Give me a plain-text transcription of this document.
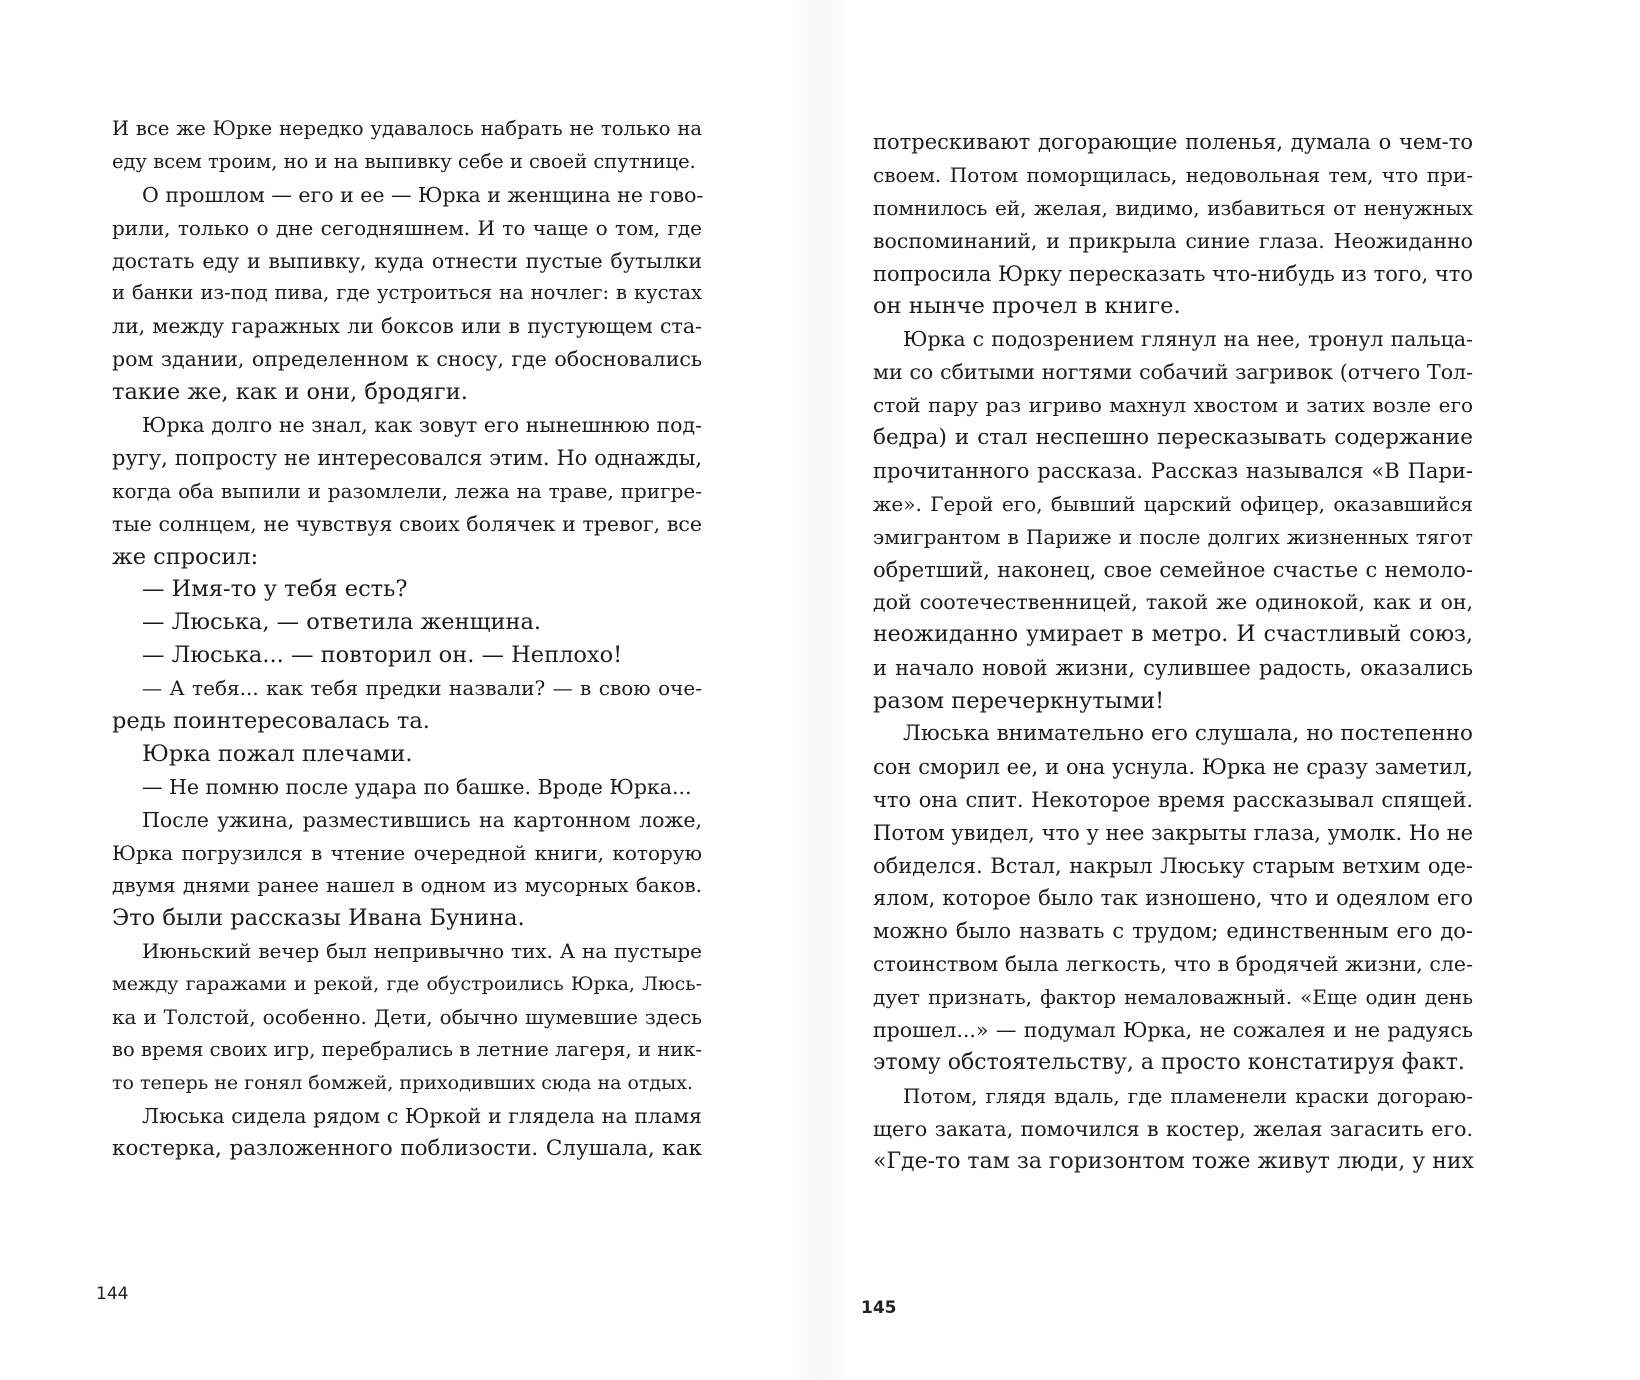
И все же Юрке нередко удавалось набрать не только на
еду всем троим, но и на выпивку себе и своей спутнице.
О прошлом — его и ее — Юрка и женщина не гово-
рили, только о дне сегодняшнем. И то чаще о том, где
достать еду и выпивку, куда отнести пустые бутылки
и банки из-под пива, где устроиться на ночлег: в кустах
ли, между гаражных ли боксов или в пустующем ста-
ром здании, определенном к сносу, где обосновались
такие же, как и они, бродяги.
Юрка долго не знал, как зовут его нынешнюю под-
ругу, попросту не интересовался этим. Но однажды,
когда оба выпили и разомлели, лежа на траве, пригре-
тые солнцем, не чувствуя своих болячек и тревог, все
же спросил:
— Имя-то у тебя есть?
— Люська, — ответила женщина.
— Люська... — повторил он. — Неплохо!
— А тебя... как тебя предки назвали? — в свою оче-
редь поинтересовалась та.
Юрка пожал плечами.
— Не помню после удара по башке. Вроде Юрка...
После ужина, разместившись на картонном ложе,
Юрка погрузился в чтение очередной книги, которую
двумя днями ранее нашел в одном из мусорных баков.
Это были рассказы Ивана Бунина.
Июньский вечер был непривычно тих. А на пустыре
между гаражами и рекой, где обустроились Юрка, Люсь-
ка и Толстой, особенно. Дети, обычно шумевшие здесь
во время своих игр, перебрались в летние лагеря, и ник-
то теперь не гонял бомжей, приходивших сюда на отдых.
Люська сидела рядом с Юркой и глядела на пламя
костерка, разложенного поблизости. Слушала, как
144
потрескивают догорающие поленья, думала о чем-то
своем. Потом поморщилась, недовольная тем, что при-
помнилось ей, желая, видимо, избавиться от ненужных
воспоминаний, и прикрыла синие глаза. Неожиданно
попросила Юрку пересказать что-нибудь из того, что
он нынче прочел в книге.
Юрка с подозрением глянул на нее, тронул пальца-
ми со сбитыми ногтями собачий загривок (отчего Тол-
стой пару раз игриво махнул хвостом и затих возле его
бедра) и стал неспешно пересказывать содержание
прочитанного рассказа. Рассказ назывался «В Пари-
же». Герой его, бывший царский офицер, оказавшийся
эмигрантом в Париже и после долгих жизненных тягот
обретший, наконец, свое семейное счастье с немоло-
дой соотечественницей, такой же одинокой, как и он,
неожиданно умирает в метро. И счастливый союз,
и начало новой жизни, сулившее радость, оказались
разом перечеркнутыми!
Люська внимательно его слушала, но постепенно
сон сморил ее, и она уснула. Юрка не сразу заметил,
что она спит. Некоторое время рассказывал спящей.
Потом увидел, что у нее закрыты глаза, умолк. Но не
обиделся. Встал, накрыл Люську старым ветхим оде-
ялом, которое было так изношено, что и одеялом его
можно было назвать с трудом; единственным его до-
стоинством была легкость, что в бродячей жизни, сле-
дует признать, фактор немаловажный. «Еще один день
прошел...» — подумал Юрка, не сожалея и не радуясь
этому обстоятельству, а просто констатируя факт.
Потом, глядя вдаль, где пламенели краски догораю-
щего заката, помочился в костер, желая загасить его.
«Где-то там за горизонтом тоже живут люди, у них
145
